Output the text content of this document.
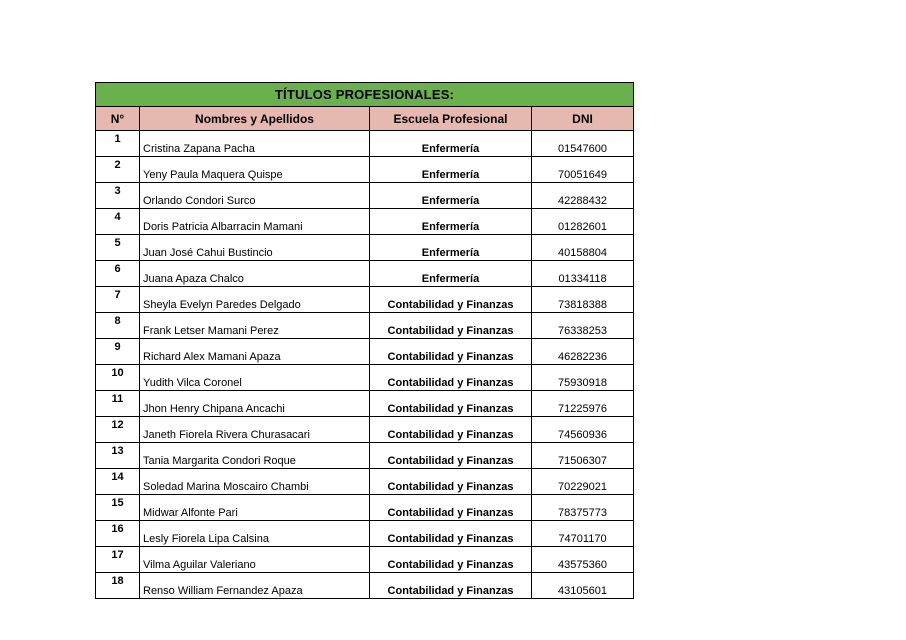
TÍTULOS PROFESIONALES:			
N°	Nombres y Apellidos	Escuela Profesional	DNI
1	Cristina Zapana Pacha	Enfermería	01547600
2	Yeny Paula Maquera Quispe	Enfermería	70051649
3	Orlando Condori Surco	Enfermería	42288432
4	Doris Patricia Albarracin Mamani	Enfermería	01282601
5	Juan José Cahui Bustincio	Enfermería	40158804
6	Juana Apaza Chalco	Enfermería	01334118
7	Sheyla Evelyn Paredes Delgado	Contabilidad y Finanzas	73818388
8	Frank Letser Mamani Perez	Contabilidad y Finanzas	76338253
9	Richard Alex Mamani Apaza	Contabilidad y Finanzas	46282236
10	Yudith Vilca Coronel	Contabilidad y Finanzas	75930918
11	Jhon Henry Chipana Ancachi	Contabilidad y Finanzas	71225976
12	Janeth Fiorela Rivera Churasacari	Contabilidad y Finanzas	74560936
13	Tania Margarita Condori Roque	Contabilidad y Finanzas	71506307
14	Soledad Marina Moscairo Chambi	Contabilidad y Finanzas	70229021
15	Midwar Alfonte Pari	Contabilidad y Finanzas	78375773
16	Lesly Fiorela Lipa Calsina	Contabilidad y Finanzas	74701170
17	Vilma Aguilar Valeriano	Contabilidad y Finanzas	43575360
18	Renso William Fernandez Apaza	Contabilidad y Finanzas	43105601
